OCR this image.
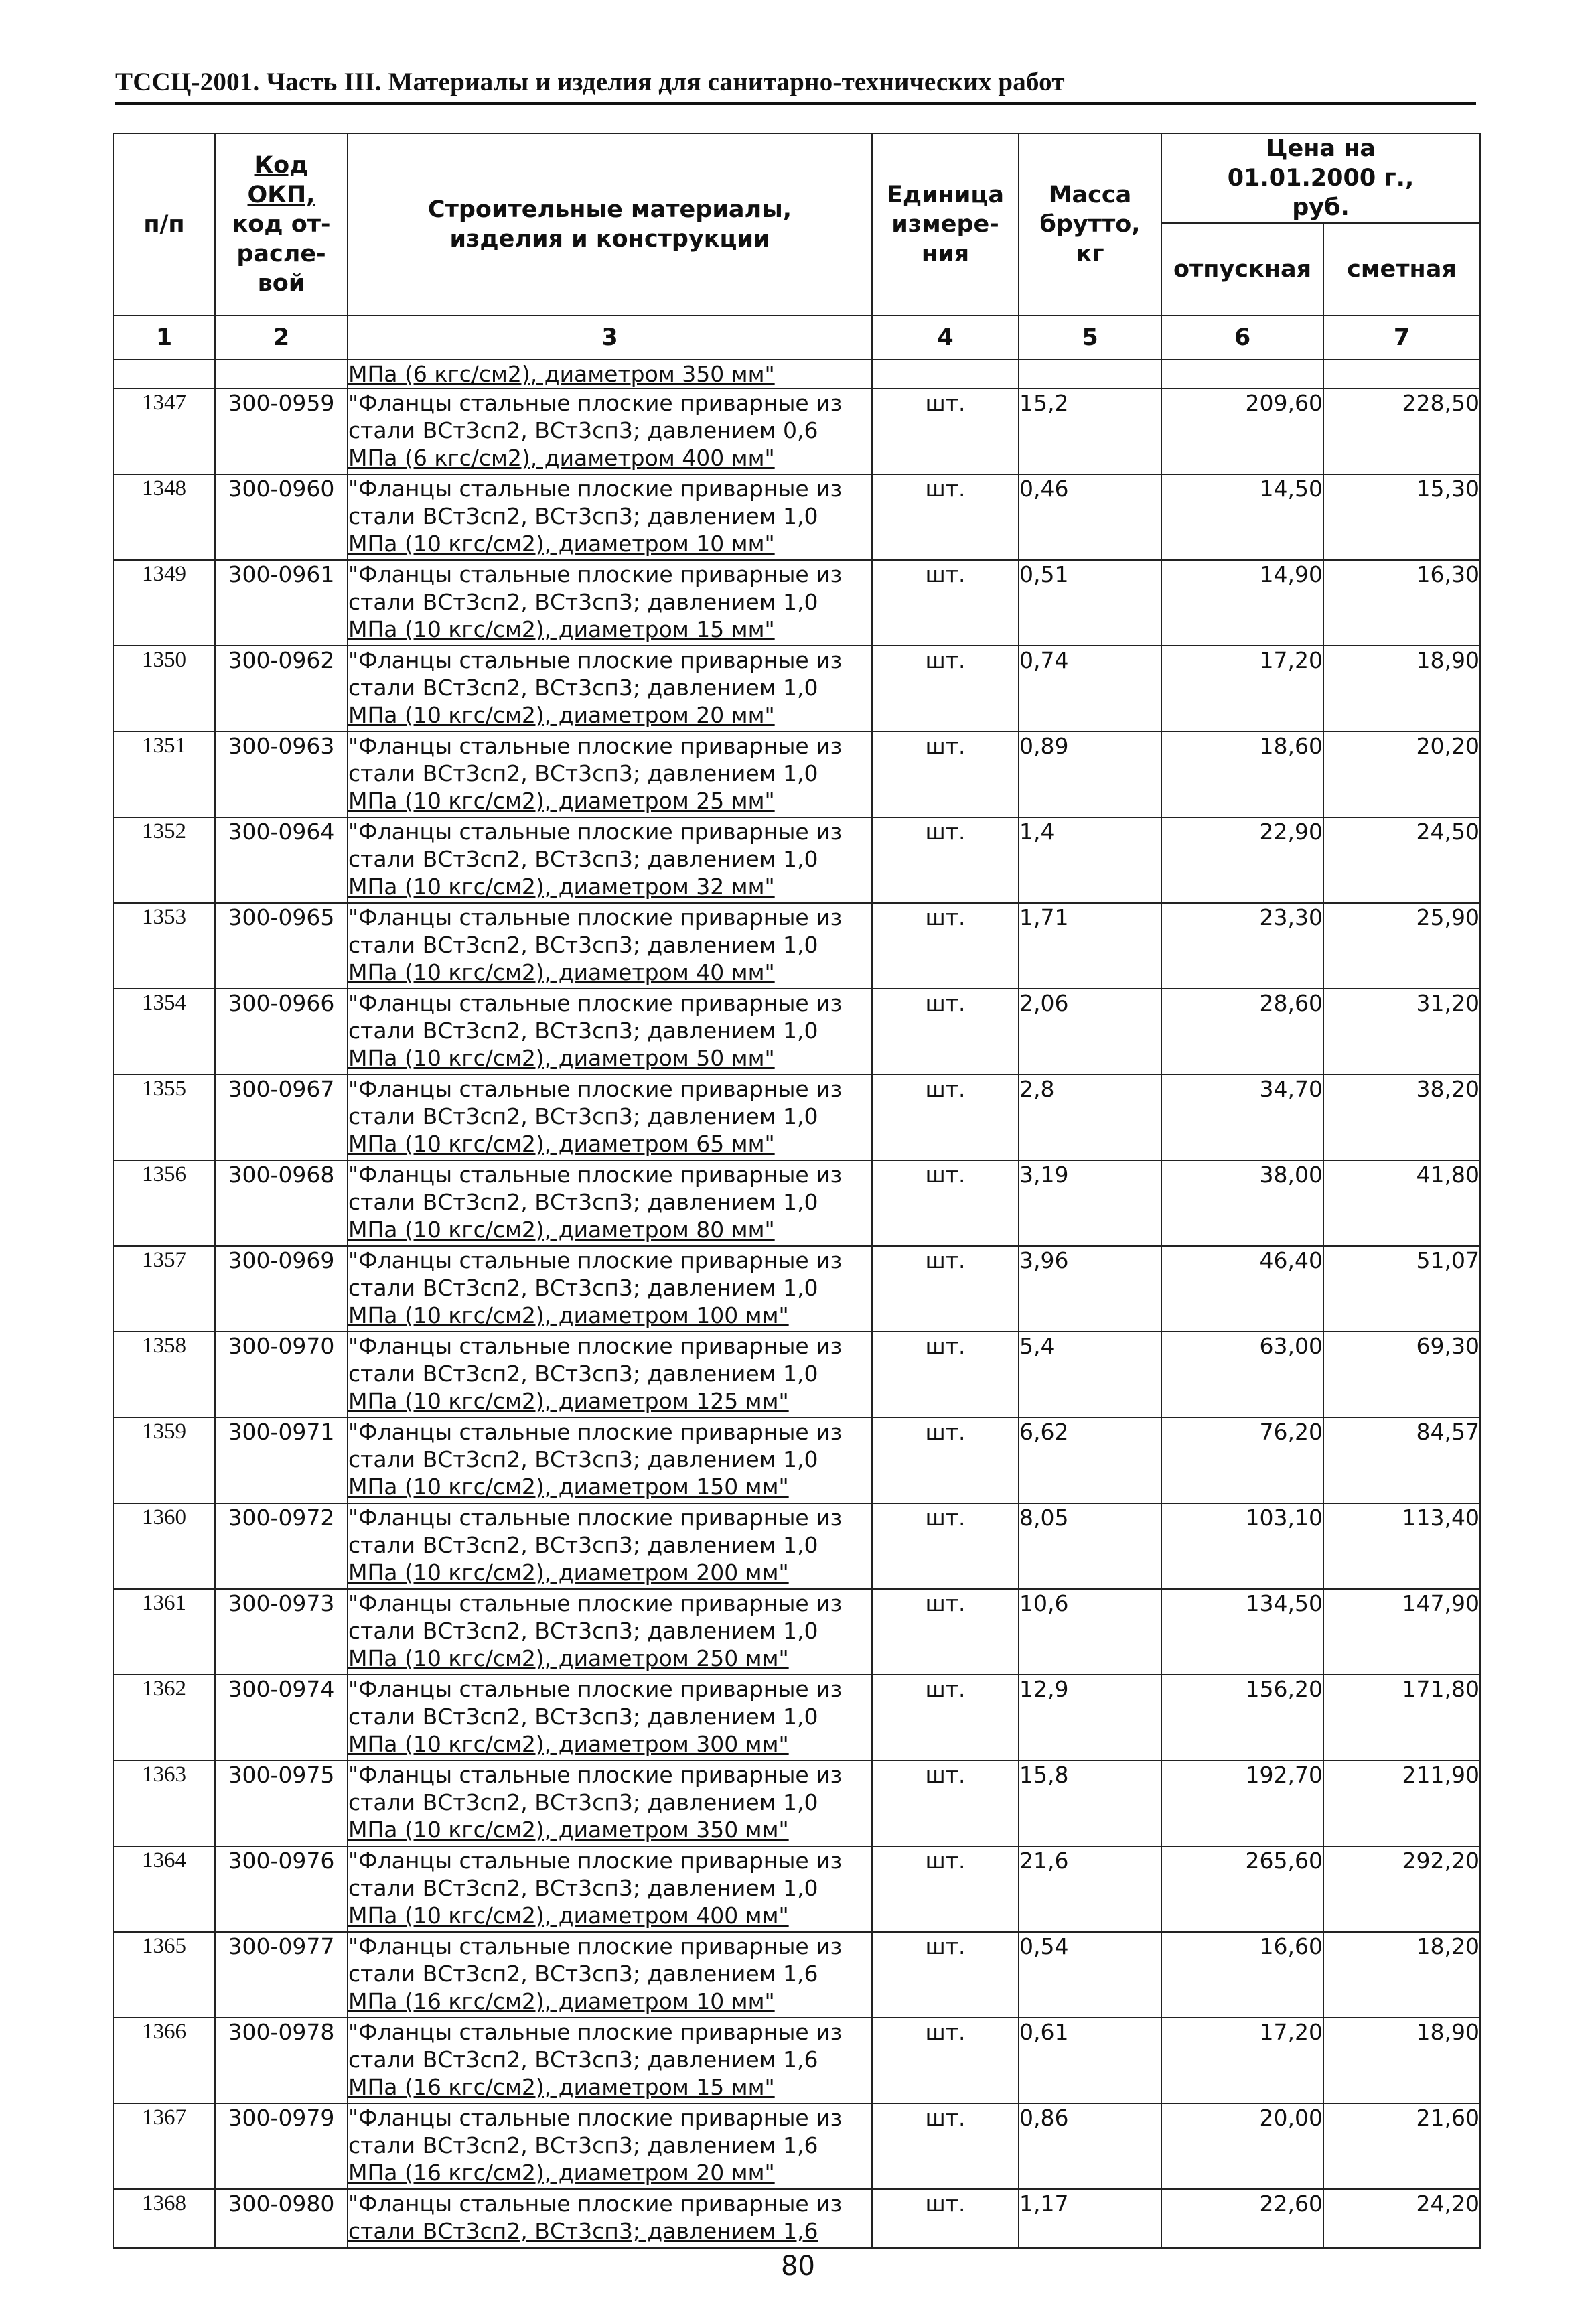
ТССЦ-2001. Часть III. Материалы и изделия для санитарно-технических работ
п/п	Код
ОКП,
код от-
расле-
вой	Строительные материалы, изделия и конструкции	Единица измере-ния	Масса брутто, кг	Цена на 01.01.2000 г., руб.	
					отпускная	сметная
1	2	3	4	5	6	7
		МПа (6 кгс/см2), диаметром 350 мм"				
1347	300-0959	"Фланцы стальные плоские приварные из
стали ВСт3сп2, ВСт3сп3; давлением 0,6
МПа (6 кгс/см2), диаметром 400 мм"	шт.	15,2	209,60	228,50
1348	300-0960	"Фланцы стальные плоские приварные из
стали ВСт3сп2, ВСт3сп3; давлением 1,0
МПа (10 кгс/см2), диаметром 10 мм"	шт.	0,46	14,50	15,30
1349	300-0961	"Фланцы стальные плоские приварные из
стали ВСт3сп2, ВСт3сп3; давлением 1,0
МПа (10 кгс/см2), диаметром 15 мм"	шт.	0,51	14,90	16,30
1350	300-0962	"Фланцы стальные плоские приварные из
стали ВСт3сп2, ВСт3сп3; давлением 1,0
МПа (10 кгс/см2), диаметром 20 мм"	шт.	0,74	17,20	18,90
1351	300-0963	"Фланцы стальные плоские приварные из
стали ВСт3сп2, ВСт3сп3; давлением 1,0
МПа (10 кгс/см2), диаметром 25 мм"	шт.	0,89	18,60	20,20
1352	300-0964	"Фланцы стальные плоские приварные из
стали ВСт3сп2, ВСт3сп3; давлением 1,0
МПа (10 кгс/см2), диаметром 32 мм"	шт.	1,4	22,90	24,50
1353	300-0965	"Фланцы стальные плоские приварные из
стали ВСт3сп2, ВСт3сп3; давлением 1,0
МПа (10 кгс/см2), диаметром 40 мм"	шт.	1,71	23,30	25,90
1354	300-0966	"Фланцы стальные плоские приварные из
стали ВСт3сп2, ВСт3сп3; давлением 1,0
МПа (10 кгс/см2), диаметром 50 мм"	шт.	2,06	28,60	31,20
1355	300-0967	"Фланцы стальные плоские приварные из
стали ВСт3сп2, ВСт3сп3; давлением 1,0
МПа (10 кгс/см2), диаметром 65 мм"	шт.	2,8	34,70	38,20
1356	300-0968	"Фланцы стальные плоские приварные из
стали ВСт3сп2, ВСт3сп3; давлением 1,0
МПа (10 кгс/см2), диаметром 80 мм"	шт.	3,19	38,00	41,80
1357	300-0969	"Фланцы стальные плоские приварные из
стали ВСт3сп2, ВСт3сп3; давлением 1,0
МПа (10 кгс/см2), диаметром 100 мм"	шт.	3,96	46,40	51,07
1358	300-0970	"Фланцы стальные плоские приварные из
стали ВСт3сп2, ВСт3сп3; давлением 1,0
МПа (10 кгс/см2), диаметром 125 мм"	шт.	5,4	63,00	69,30
1359	300-0971	"Фланцы стальные плоские приварные из
стали ВСт3сп2, ВСт3сп3; давлением 1,0
МПа (10 кгс/см2), диаметром 150 мм"	шт.	6,62	76,20	84,57
1360	300-0972	"Фланцы стальные плоские приварные из
стали ВСт3сп2, ВСт3сп3; давлением 1,0
МПа (10 кгс/см2), диаметром 200 мм"	шт.	8,05	103,10	113,40
1361	300-0973	"Фланцы стальные плоские приварные из
стали ВСт3сп2, ВСт3сп3; давлением 1,0
МПа (10 кгс/см2), диаметром 250 мм"	шт.	10,6	134,50	147,90
1362	300-0974	"Фланцы стальные плоские приварные из
стали ВСт3сп2, ВСт3сп3; давлением 1,0
МПа (10 кгс/см2), диаметром 300 мм"	шт.	12,9	156,20	171,80
1363	300-0975	"Фланцы стальные плоские приварные из
стали ВСт3сп2, ВСт3сп3; давлением 1,0
МПа (10 кгс/см2), диаметром 350 мм"	шт.	15,8	192,70	211,90
1364	300-0976	"Фланцы стальные плоские приварные из
стали ВСт3сп2, ВСт3сп3; давлением 1,0
МПа (10 кгс/см2), диаметром 400 мм"	шт.	21,6	265,60	292,20
1365	300-0977	"Фланцы стальные плоские приварные из
стали ВСт3сп2, ВСт3сп3; давлением 1,6
МПа (16 кгс/см2), диаметром 10 мм"	шт.	0,54	16,60	18,20
1366	300-0978	"Фланцы стальные плоские приварные из
стали ВСт3сп2, ВСт3сп3; давлением 1,6
МПа (16 кгс/см2), диаметром 15 мм"	шт.	0,61	17,20	18,90
1367	300-0979	"Фланцы стальные плоские приварные из
стали ВСт3сп2, ВСт3сп3; давлением 1,6
МПа (16 кгс/см2), диаметром 20 мм"	шт.	0,86	20,00	21,60
1368	300-0980	"Фланцы стальные плоские приварные из
стали ВСт3сп2, ВСт3сп3; давлением 1,6	шт.	1,17	22,60	24,20
80
